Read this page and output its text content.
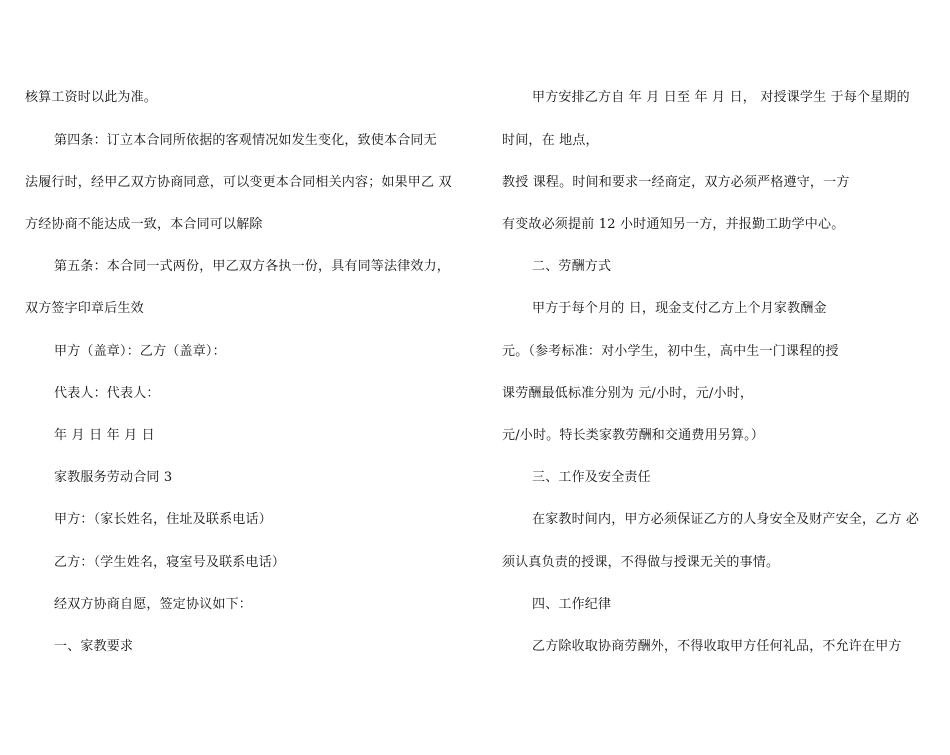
核算工资时以此为准。
第四条：订立本合同所依据的客观情况如发生变化，致使本合同无
法履行时，经甲乙双方协商同意，可以变更本合同相关内容；如果甲乙 双
方经协商不能达成一致，本合同可以解除
第五条：本合同一式两份，甲乙双方各执一份，具有同等法律效力，
双方签字印章后生效
甲方（盖章）：乙方（盖章）：
代表人：代表人：
年 月 日 年 月 日
家教服务劳动合同 3
甲方：（家长姓名，住址及联系电话）
乙方：（学生姓名，寝室号及联系电话）
经双方协商自愿，签定协议如下：
一、家教要求
甲方安排乙方自 年 月 日至 年 月 日， 对授课学生 于每个星期的
时间，在 地点，
教授 课程。时间和要求一经商定，双方必须严格遵守，一方
有变故必须提前 12 小时通知另一方，并报勤工助学中心。
二、劳酬方式
甲方于每个月的 日，现金支付乙方上个月家教酬金
元。（参考标准：对小学生，初中生，高中生一门课程的授
课劳酬最低标准分别为 元/小时，元/小时，
元/小时。特长类家教劳酬和交通费用另算。）
三、工作及安全责任
在家教时间内，甲方必须保证乙方的人身安全及财产安全，乙方 必
须认真负责的授课，不得做与授课无关的事情。
四、工作纪律
乙方除收取协商劳酬外，不得收取甲方任何礼品，不允许在甲方
